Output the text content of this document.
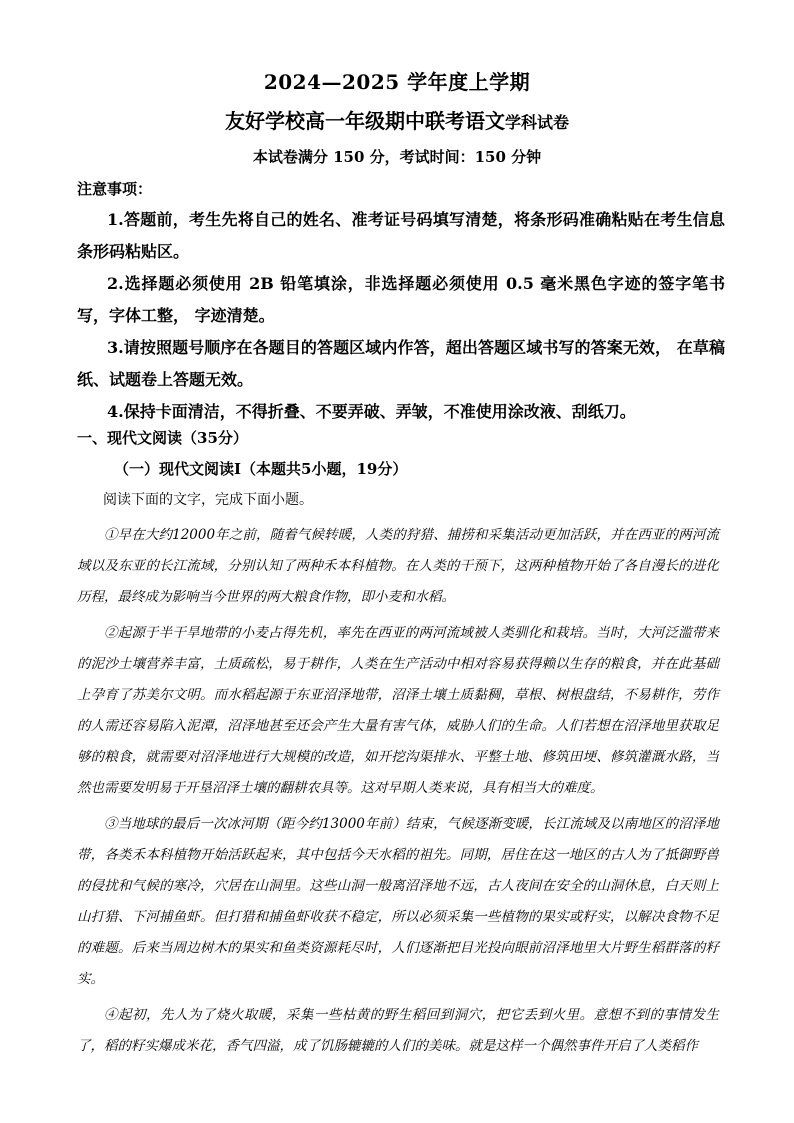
2024—2025 学年度上学期
友好学校高一年级期中联考语文学科试卷
本试卷满分 150 分，考试时间：150 分钟
注意事项：

1.答题前，考生先将自己的姓名、准考证号码填写清楚，将条形码准确粘贴在考生信息条形码粘贴区。

2.选择题必须使用 2B 铅笔填涂，非选择题必须使用 0.5 毫米黑色字迹的签字笔书写，字体工整， 字迹清楚。

3.请按照题号顺序在各题目的答题区域内作答，超出答题区域书写的答案无效， 在草稿纸、试题卷上答题无效。

4.保持卡面清洁，不得折叠、不要弄破、弄皱，不准使用涂改液、刮纸刀。

一、现代文阅读（35分）
（一）现代文阅读Ⅰ（本题共5小题，19分）
阅读下面的文字，完成下面小题。

①早在大约12000年之前，随着气候转暖，人类的狩猎、捕捞和采集活动更加活跃，并在西亚的两河流域以及东亚的长江流域，分别认知了两种禾本科植物。在人类的干预下，这两种植物开始了各自漫长的进化历程，最终成为影响当今世界的两大粮食作物，即小麦和水稻。

②起源于半干旱地带的小麦占得先机，率先在西亚的两河流域被人类驯化和栽培。当时，大河泛滥带来的泥沙土壤营养丰富，土质疏松，易于耕作，人类在生产活动中相对容易获得赖以生存的粮食，并在此基础上孕育了苏美尔文明。而水稻起源于东亚沼泽地带，沼泽土壤土质黏稠，草根、树根盘结，不易耕作，劳作的人需还容易陷入泥潭，沼泽地甚至还会产生大量有害气体，威胁人们的生命。人们若想在沼泽地里获取足够的粮食，就需要对沼泽地进行大规模的改造，如开挖沟渠排水、平整土地、修筑田埂、修筑灌溉水路，当然也需要发明易于开垦沼泽土壤的翻耕农具等。这对早期人类来说，具有相当大的难度。

③当地球的最后一次冰河期（距今约13000年前）结束，气候逐渐变暖，长江流域及以南地区的沼泽地带，各类禾本科植物开始活跃起来，其中包括今天水稻的祖先。同期，居住在这一地区的古人为了抵御野兽的侵扰和气候的寒冷，穴居在山洞里。这些山洞一般离沼泽地不远，古人夜间在安全的山洞休息，白天则上山打猎、下河捕鱼虾。但打猎和捕鱼虾收获不稳定，所以必须采集一些植物的果实或籽实，以解决食物不足的难题。后来当周边树木的果实和鱼类资源耗尽时，人们逐渐把目光投向眼前沼泽地里大片野生稻群落的籽实。

④起初，先人为了烧火取暖，采集一些枯黄的野生稻回到洞穴，把它丢到火里。意想不到的事情发生了，稻的籽实爆成米花，香气四溢，成了饥肠辘辘的人们的美味。就是这样一个偶然事件开启了人类稻作
